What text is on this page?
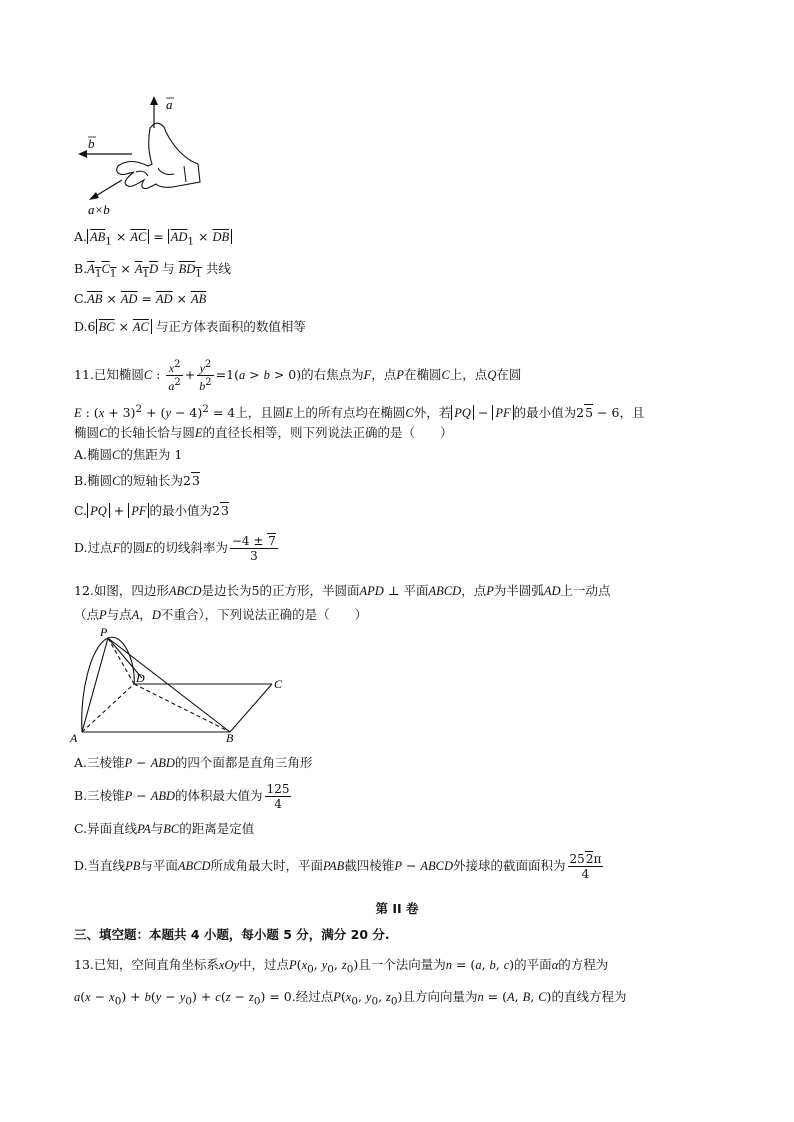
a
b
a×b
A. $\overline{AB}_1 \times \overline{AC} = \overline{AD}_1 \times \overline{DB}$
$B.A_1C_1 \times A_1D$ 与 $BD_1$ 共线
$C.\overline{AB} \times \overline{AD} = \overline{AD} \times \overline{AB}$
D.6 $\overline{BC} \times \overline{AC}$ 与正方体表面积的数值相等
11.已知椭圆C : $\frac{x^2}{a^2} + \frac{y^2}{b^2} =1(a > b > 0)$的右焦点为F，点P在椭圆C上，点Q在圆
E : $(x + 3)^2 + (y - 4)^2 = 4$上，且圆E上的所有点均在椭圆C外，若 PQ − PF 的最小值为25 − 6，且
椭圆C的长轴长恰与圆E的直径长相等，则下列说法正确的是（　　）
A.椭圆C的焦距为 1
B.椭圆C的短轴长为23
C. PQ + PF 的最小值为23
D.过点F的圆E的切线斜率为 $\frac{-4 \pm 7}{3}$
12.如图，四边形ABCD是边长为5的正方形，半圆面APD ⊥ 平面ABCD，点P为半圆弧AD上一动点
（点P与点A，D不重合），下列说法正确的是（　　）
P
D	C
A	B
A.三棱锥P − ABD的四个面都是直角三角形
B.三棱锥P − ABD的体积最大值为 $\frac{125}{4}$
C.异面直线PA与BC的距离是定值
D.当直线PB与平面ABCD所成角最大时，平面PAB截四棱锥P − ABCD外接球的截面面积为 $\frac{252\pi}{4}$
第 II 卷
三、填空题：本题共 4 小题，每小题 5 分，满分 20 分.
13.已知，空间直角坐标系xOy中，过点$P(x_0$, $y_0$, $z_0$)且一个法向量为n = (a, b, c)的平面α的方程为
$a(x - x_0) + b(y - y_0) + c(z - z_0) = 0$.经过点$P(x_0$, $y_0$, $z_0$)且方向向量为n = (A, B, C)的直线方程为
